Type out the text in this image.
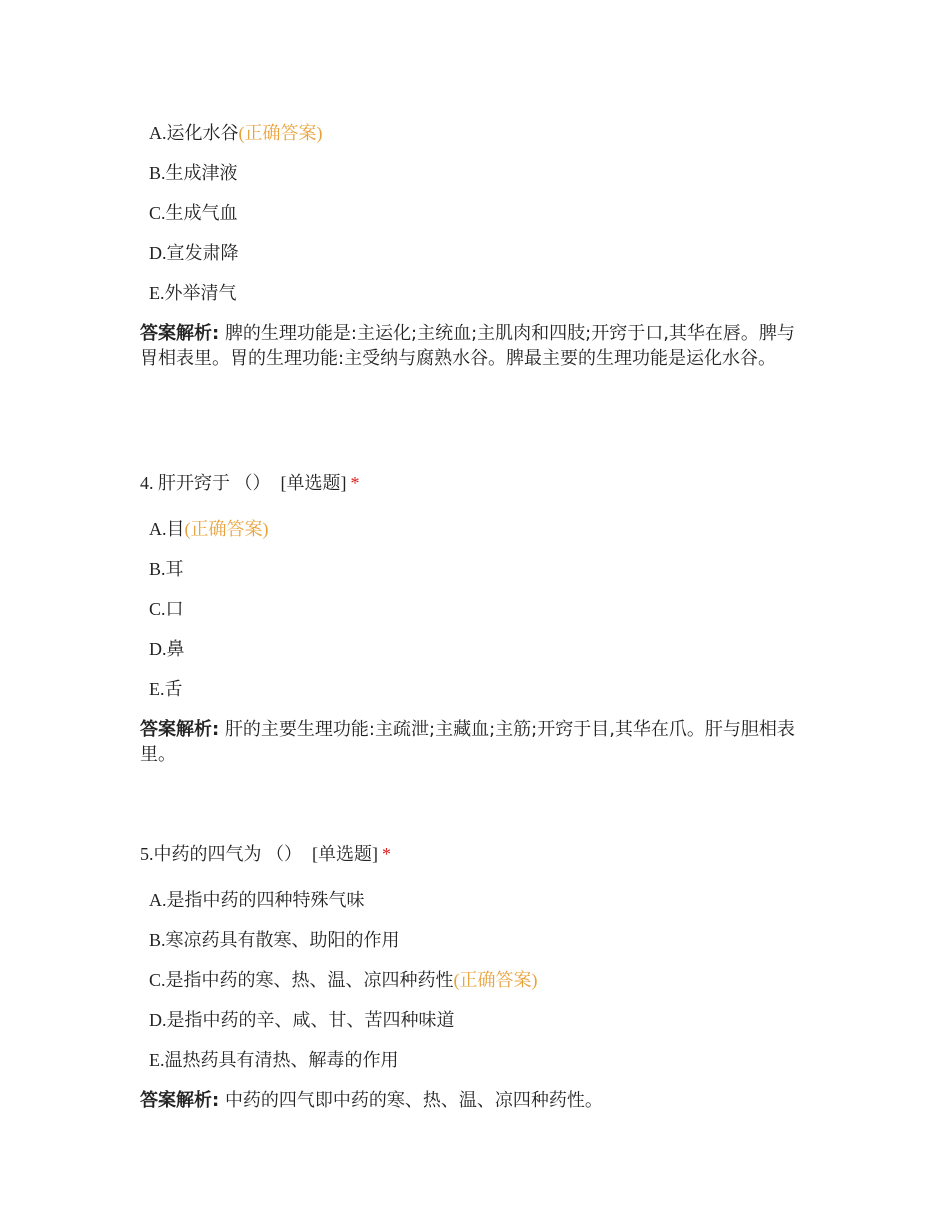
A.运化水谷(正确答案)
B.生成津液
C.生成气血
D.宣发肃降
E.外举清气
答案解析: 脾的生理功能是:主运化;主统血;主肌肉和四肢;开窍于口,其华在唇。脾与胃相表里。胃的生理功能:主受纳与腐熟水谷。脾最主要的生理功能是运化水谷。
4. 肝开窍于 （） [单选题] *
A.目(正确答案)
B.耳
C.口
D.鼻
E.舌
答案解析: 肝的主要生理功能:主疏泄;主藏血;主筋;开窍于目,其华在爪。肝与胆相表里。
5.中药的四气为 （） [单选题] *
A.是指中药的四种特殊气味
B.寒凉药具有散寒、助阳的作用
C.是指中药的寒、热、温、凉四种药性(正确答案)
D.是指中药的辛、咸、甘、苦四种味道
E.温热药具有清热、解毒的作用
答案解析: 中药的四气即中药的寒、热、温、凉四种药性。
